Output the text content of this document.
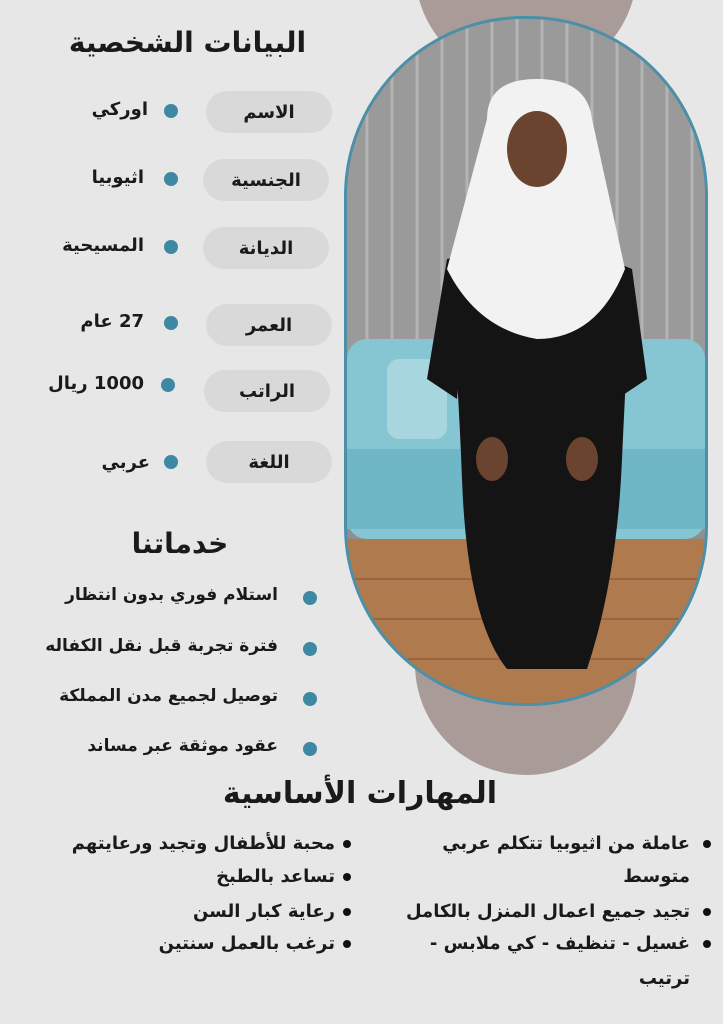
البيانات الشخصية
الاسم
اوركي
الجنسية
اثيوبيا
الديانة
المسيحية
العمر
27 عام
الراتب
1000 ريال
اللغة
عربي
خدماتنا
استلام فوري بدون انتظار
فترة تجربة قبل نقل الكفاله
توصيل لجميع مدن المملكة
عقود موثقة عبر مساند
المهارات الأساسية
عاملة من اثيوبيا تتكلم عربي
متوسط
تجيد جميع اعمال المنزل بالكامل
غسيل - تنظيف - كي ملابس -
ترتيب
محبة للأطفال وتجيد ورعايتهم
تساعد بالطبخ
رعاية كبار السن
ترغب بالعمل سنتين
